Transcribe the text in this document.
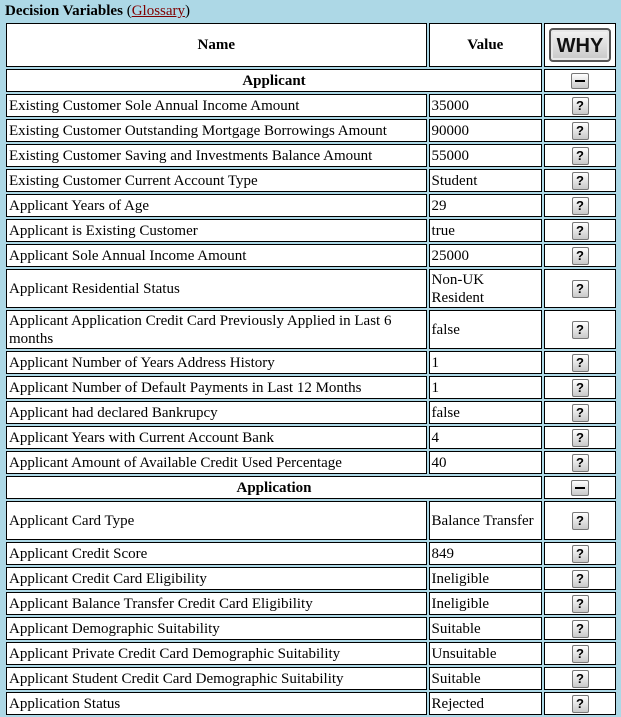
Decision Variables (Glossary)
Name	Value	WHY
Applicant		
Existing Customer Sole Annual Income Amount	35000	?
Existing Customer Outstanding Mortgage Borrowings Amount	90000	?
Existing Customer Saving and Investments Balance Amount	55000	?
Existing Customer Current Account Type	Student	?
Applicant Years of Age	29	?
Applicant is Existing Customer	true	?
Applicant Sole Annual Income Amount	25000	?
Applicant Residential Status	Non-UK Resident	?
Applicant Application Credit Card Previously Applied in Last 6 months	false	?
Applicant Number of Years Address History	1	?
Applicant Number of Default Payments in Last 12 Months	1	?
Applicant had declared Bankrupcy	false	?
Applicant Years with Current Account Bank	4	?
Applicant Amount of Available Credit Used Percentage	40	?
Application		
Applicant Card Type	Balance Transfer	?
Applicant Credit Score	849	?
Applicant Credit Card Eligibility	Ineligible	?
Applicant Balance Transfer Credit Card Eligibility	Ineligible	?
Applicant Demographic Suitability	Suitable	?
Applicant Private Credit Card Demographic Suitability	Unsuitable	?
Applicant Student Credit Card Demographic Suitability	Suitable	?
Application Status	Rejected	?
